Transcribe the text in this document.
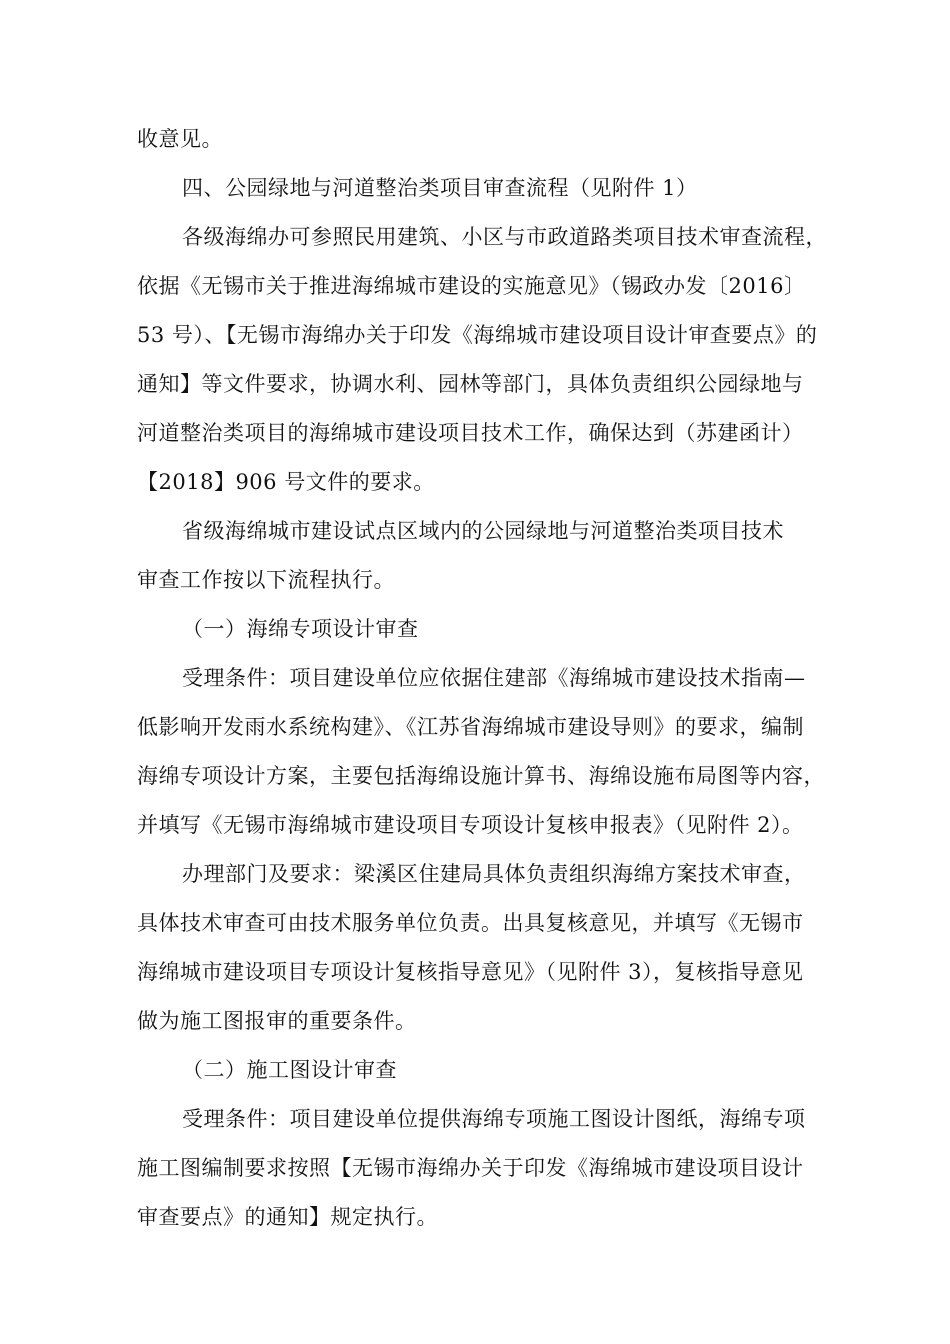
收意见。
四、公园绿地与河道整治类项目审查流程（见附件 1）
各级海绵办可参照民用建筑、小区与市政道路类项目技术审查流程，
依据《无锡市关于推进海绵城市建设的实施意见》（锡政办发〔2016〕
53 号）、【无锡市海绵办关于印发《海绵城市建设项目设计审查要点》的
通知】等文件要求，协调水利、园林等部门，具体负责组织公园绿地与
河道整治类项目的海绵城市建设项目技术工作，确保达到（苏建函计）
【2018】906 号文件的要求。
省级海绵城市建设试点区域内的公园绿地与河道整治类项目技术
审查工作按以下流程执行。
（一）海绵专项设计审查
受理条件：项目建设单位应依据住建部《海绵城市建设技术指南—
低影响开发雨水系统构建》、《江苏省海绵城市建设导则》的要求，编制
海绵专项设计方案，主要包括海绵设施计算书、海绵设施布局图等内容，
并填写《无锡市海绵城市建设项目专项设计复核申报表》（见附件 2）。
办理部门及要求：梁溪区住建局具体负责组织海绵方案技术审查，
具体技术审查可由技术服务单位负责。出具复核意见，并填写《无锡市
海绵城市建设项目专项设计复核指导意见》（见附件 3），复核指导意见
做为施工图报审的重要条件。
（二）施工图设计审查
受理条件：项目建设单位提供海绵专项施工图设计图纸，海绵专项
施工图编制要求按照【无锡市海绵办关于印发《海绵城市建设项目设计
审查要点》的通知】规定执行。
